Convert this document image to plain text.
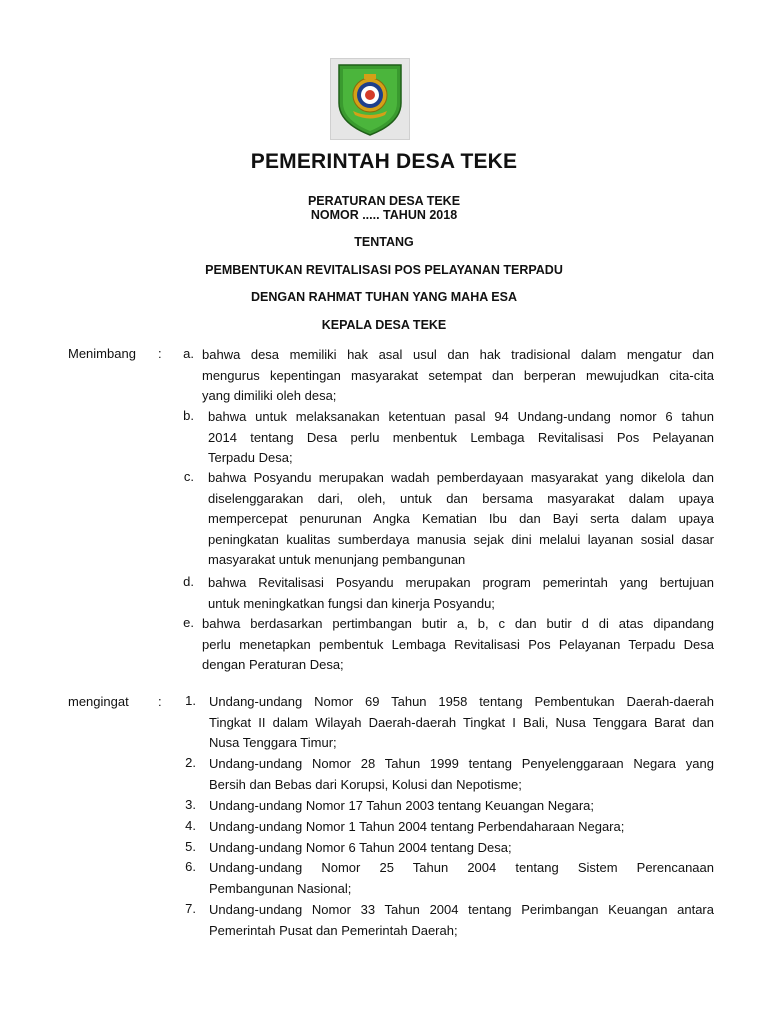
PEMERINTAH DESA TEKE
PERATURAN DESA TEKE
NOMOR ..... TAHUN 2018
TENTANG
PEMBENTUKAN REVITALISASI POS PELAYANAN TERPADU
DENGAN RAHMAT TUHAN YANG MAHA ESA
KEPALA DESA TEKE
Menimbang :
mengingat :
a. bahwa desa memiliki hak asal usul dan hak tradisional dalam mengatur dan
mengurus kepentingan masyarakat setempat dan berperan mewujudkan cita-cita
yang dimiliki oleh desa;
b. bahwa untuk melaksanakan ketentuan pasal 94 Undang-undang nomor 6 tahun
2014 tentang Desa perlu menbentuk Lembaga Revitalisasi Pos Pelayanan
Terpadu Desa;
c. bahwa Posyandu merupakan wadah pemberdayaan masyarakat yang dikelola dan
diselenggarakan dari, oleh, untuk dan bersama masyarakat dalam upaya
mempercepat penurunan Angka Kematian Ibu dan Bayi serta dalam upaya
peningkatan kualitas sumberdaya manusia sejak dini melalui layanan sosial dasar
masyarakat untuk menunjang pembangunan
d. bahwa Revitalisasi Posyandu merupakan program pemerintah yang bertujuan
untuk meningkatkan fungsi dan kinerja Posyandu;
e. bahwa berdasarkan pertimbangan butir a, b, c dan butir d di atas dipandang
perlu menetapkan pembentuk Lembaga Revitalisasi Pos Pelayanan Terpadu Desa
dengan Peraturan Desa;
1. Undang-undang Nomor 69 Tahun 1958 tentang Pembentukan Daerah-daerah
Tingkat II dalam Wilayah Daerah-daerah Tingkat I Bali, Nusa Tenggara Barat dan
Nusa Tenggara Timur;
2. Undang-undang Nomor 28 Tahun 1999 tentang Penyelenggaraan Negara yang
Bersih dan Bebas dari Korupsi, Kolusi dan Nepotisme;
3. Undang-undang Nomor 17 Tahun 2003 tentang Keuangan Negara;
4. Undang-undang Nomor 1 Tahun 2004 tentang Perbendaharaan Negara;
5. Undang-undang Nomor 6 Tahun 2004 tentang Desa;
6. Undang-undang Nomor 25 Tahun 2004 tentang Sistem Perencanaan
Pembangunan Nasional;
7. Undang-undang Nomor 33 Tahun 2004 tentang Perimbangan Keuangan antara
Pemerintah Pusat dan Pemerintah Daerah;
